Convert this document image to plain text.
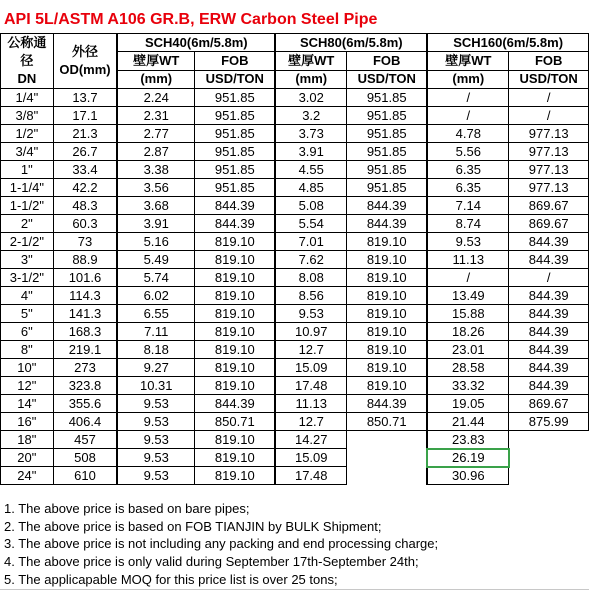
API 5L/ASTM A106 GR.B, ERW Carbon Steel Pipe
公称通径
DN	外径
OD(mm)	SCH40(6m/5.8m)		SCH80(6m/5.8m)		SCH160(6m/5.8m)	
		壁厚WT	FOB	壁厚WT	FOB	壁厚WT	FOB
		(mm)	USD/TON	(mm)	USD/TON	(mm)	USD/TON
1/4"	13.7	2.24	951.85	3.02	951.85	/	/
3/8"	17.1	2.31	951.85	3.2	951.85	/	/
1/2"	21.3	2.77	951.85	3.73	951.85	4.78	977.13
3/4"	26.7	2.87	951.85	3.91	951.85	5.56	977.13
1"	33.4	3.38	951.85	4.55	951.85	6.35	977.13
1-1/4"	42.2	3.56	951.85	4.85	951.85	6.35	977.13
1-1/2"	48.3	3.68	844.39	5.08	844.39	7.14	869.67
2"	60.3	3.91	844.39	5.54	844.39	8.74	869.67
2-1/2"	73	5.16	819.10	7.01	819.10	9.53	844.39
3"	88.9	5.49	819.10	7.62	819.10	11.13	844.39
3-1/2"	101.6	5.74	819.10	8.08	819.10	/	/
4"	114.3	6.02	819.10	8.56	819.10	13.49	844.39
5"	141.3	6.55	819.10	9.53	819.10	15.88	844.39
6"	168.3	7.11	819.10	10.97	819.10	18.26	844.39
8"	219.1	8.18	819.10	12.7	819.10	23.01	844.39
10"	273	9.27	819.10	15.09	819.10	28.58	844.39
12"	323.8	10.31	819.10	17.48	819.10	33.32	844.39
14"	355.6	9.53	844.39	11.13	844.39	19.05	869.67
16"	406.4	9.53	850.71	12.7	850.71	21.44	875.99
18"	457	9.53	819.10	14.27		23.83	
20"	508	9.53	819.10	15.09		26.19	
24"	610	9.53	819.10	17.48		30.96	
1. The above price is based on bare pipes;
2. The above price is based on FOB TIANJIN by BULK Shipment;
3. The above price is not including any packing and end processing charge;
4. The above price is only valid during September 17th-September 24th;
5. The applicapable MOQ for this price list is over 25 tons;
